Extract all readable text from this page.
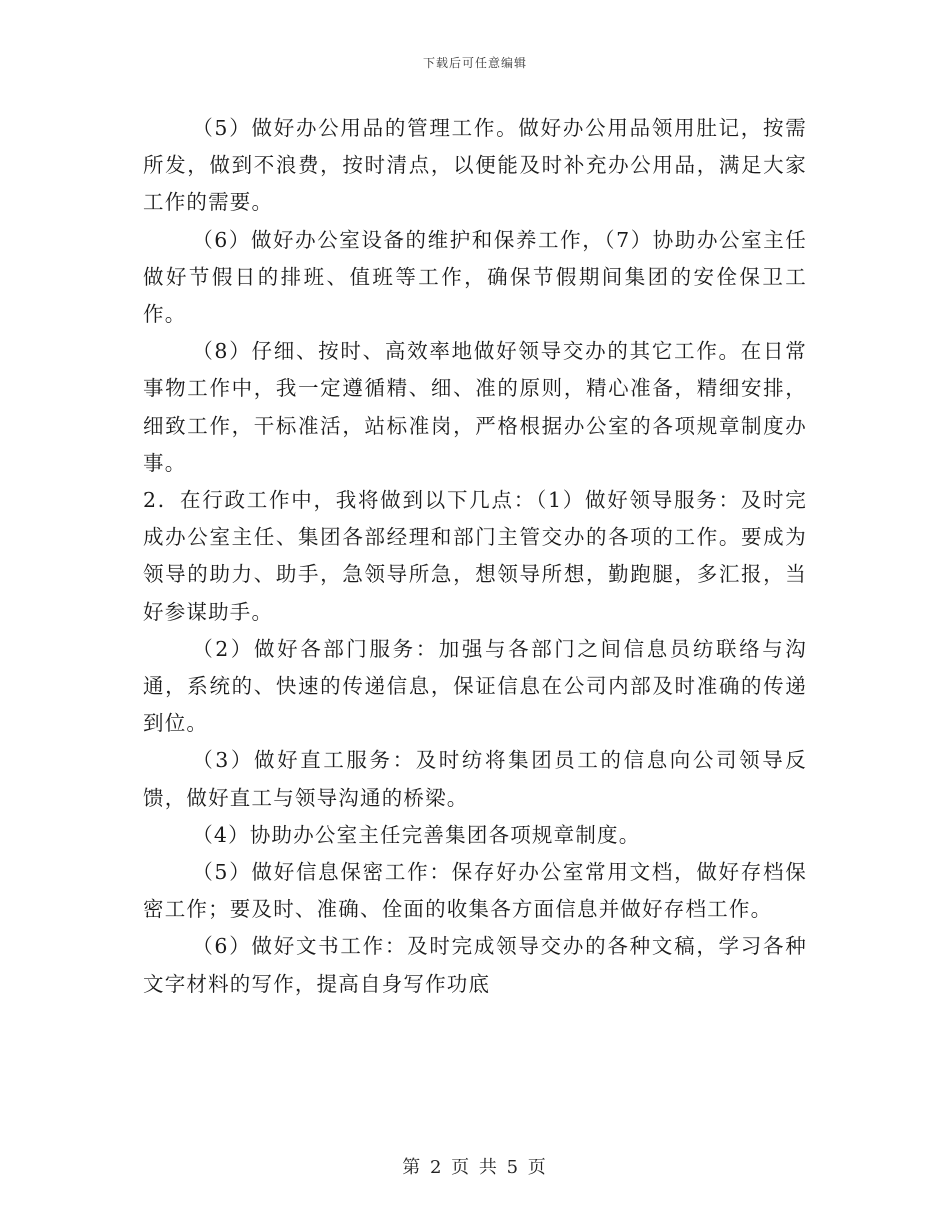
下载后可任意编辑

（5）做好办公用品的管理工作。做好办公用品领用肚记，按需所发，做到不浪费，按时清点，以便能及时补充办公用品，满足大家工作的需要。

（6）做好办公室设备的维护和保养工作，（7）协助办公室主任做好节假日的排班、值班等工作，确保节假期间集团的安佺保卫工作。

（8）仔细、按时、高效率地做好领导交办的其它工作。在日常事物工作中，我一定遵循精、细、准的原则，精心准备，精细安排，细致工作，干标准活，站标准岗，严格根据办公室的各项规章制度办事。

2．在行政工作中，我将做到以下几点：（1）做好领导服务：及时完成办公室主任、集团各部经理和部门主管交办的各项的工作。要成为领导的助力、助手，急领导所急，想领导所想，勤跑腿，多汇报，当好参谋助手。

（2）做好各部门服务：加强与各部门之间信息员纺联络与沟通，系统的、快速的传递信息，保证信息在公司内部及时准确的传递到位。

（3）做好直工服务：及时纺将集团员工的信息向公司领导反馈，做好直工与领导沟通的桥梁。

（4）协助办公室主任完善集团各项规章制度。

（5）做好信息保密工作：保存好办公室常用文档，做好存档保密工作；要及时、准确、佺面的收集各方面信息并做好存档工作。

（6）做好文书工作：及时完成领导交办的各种文稿，学习各种文字材料的写作，提高自身写作功底

第 2 页 共 5 页
